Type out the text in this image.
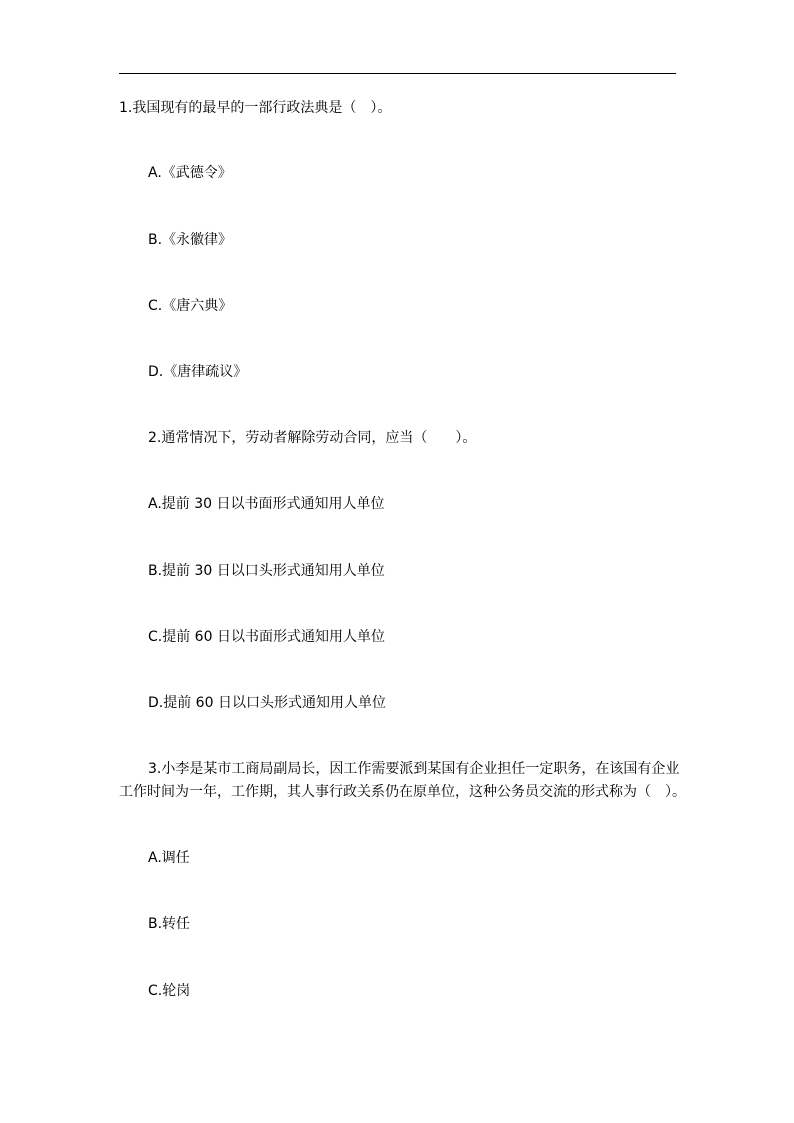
1.我国现有的最早的一部行政法典是（　）。
A.《武德令》
B.《永徽律》
C.《唐六典》
D.《唐律疏议》
2.通常情况下，劳动者解除劳动合同，应当（　　）。
A.提前 30 日以书面形式通知用人单位
B.提前 30 日以口头形式通知用人单位
C.提前 60 日以书面形式通知用人单位
D.提前 60 日以口头形式通知用人单位
3.小李是某市工商局副局长，因工作需要派到某国有企业担任一定职务，在该国有企业
工作时间为一年，工作期，其人事行政关系仍在原单位，这种公务员交流的形式称为（　）。
A.调任
B.转任
C.轮岗
